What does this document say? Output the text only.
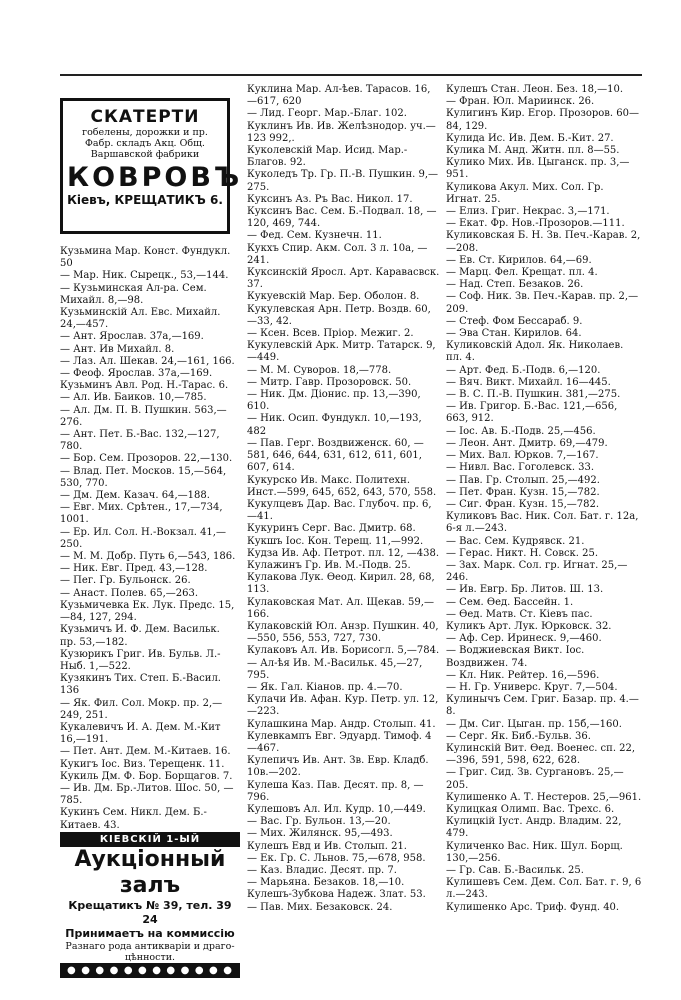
СКАТЕРТИ
гобелены, дорожки и пр.
Фабр. складъ Акц. Общ. Варшавской фабрики
КОВРОВЪ
Кіевъ, КРЕЩАТИКЪ 6.
Кузьмина Мар. Конст. Фундукл. 50
— Мар. Ник. Сырецк., 53,—144.
— Кузьминская Ал-ра. Сем. Михайл. 8,—98.
Кузьминскій Ал. Евс. Михайл. 24,—457.
— Ант. Ярослав. 37а,—169.
— Ант. Ив Михайл. 8.
— Лаз. Ал. Шекав. 24,—161, 166.
— Феоф. Ярослав. 37а,—169.
Кузьминъ Авл. Род. Н.-Тарас. 6.
— Ал. Ив. Баиков. 10,—785.
— Ал. Дм. П. В. Пушкин. 563,—276.
— Ант. Пет. Б.-Вас. 132,—127, 780.
— Бор. Сем. Прозоров. 22,—130.
— Влад. Пет. Москов. 15,—564, 530, 770.
— Дм. Дем. Казач. 64,—188.
— Евг. Мих. Срѣтен., 17,—734, 1001.
— Ер. Ил. Сол. Н.-Вокзал. 41,—250.
— М. М. Добр. Путь 6,—543, 186.
— Ник. Евг. Пред. 43,—128.
— Пег. Гр. Бульонск. 26.
— Анаст. Полев. 65,—263.
Кузьмичевка Ек. Лук. Предс. 15,—84, 127, 294.
Кузьмичъ И. Ф. Дем. Васильк. пр. 53,—182.
Кузюрикъ Григ. Ив. Бульв. Л.-Ныб. 1,—522.
Кузякинъ Тих. Степ. Б.-Васил. 136
— Як. Фил. Сол. Мокр. пр. 2,—249, 251.
Кукалевичъ И. А. Дем. М.-Кит 16,—191.
— Пет. Ант. Дем. М.-Китаев. 16.
Кукигъ Іос. Виз. Терещенк. 11.
Кукиль Дм. Ф. Бор. Борщагов. 7.
— Ив. Дм. Бр.-Литов. Шос. 50, —785.
Кукинъ Сем. Никл. Дем. Б.-Китаев. 43.
Куклина Мар. Ал-ѣев. Тарасов. 16,—617, 620
— Лид. Георг. Мар.-Благ. 102.
Куклинъ Ив. Ив. Желѣзнодор. уч.—123 992,.
Куколевскій Мар. Исид. Мар.-Благов. 92.
Куколедъ Тр. Гр. П.-В. Пушкин. 9,—275.
Куксинъ Аз. Ръ Вас. Никол. 17.
Куксинъ Вас. Сем. Б.-Подвал. 18, —120, 469, 744.
— Фед. Сем. Кузнечн. 11.
Кукхъ Спир. Акм. Сол. 3 л. 10а, —241.
Куксинскій Яросл. Арт. Каравасвск. 37.
Кукуевскій Мар. Бер. Оболон. 8.
Кукулевская Арн. Петр. Воздв. 60,—33, 42.
— Ксен. Всев. Пріор. Межиг. 2.
Кукулевскій Арк. Митр. Татарск. 9,—449.
— М. М. Суворов. 18,—778.
— Митр. Гавр. Прозоровск. 50.
— Ник. Дм. Діонис. пр. 13,—390, 610.
— Ник. Осип. Фундукл. 10,—193, 482
— Пав. Герг. Воздвиженск. 60, —581, 646, 644, 631, 612, 611, 601, 607, 614.
Кукурско Ив. Макс. Политехн. Инст.—599, 645, 652, 643, 570, 558.
Кукулцевъ Дар. Вас. Глубоч. пр. 6,—41.
Кукуринъ Серг. Вас. Дмитр. 68.
Кукшъ Іос. Кон. Терещ. 11,—992.
Кудза Ив. Аф. Петрот. пл. 12, —438.
Кулажинъ Гр. Ив. М.-Подв. 25.
Кулакова Лук. Ѳеод. Кирил. 28, 68, 113.
Кулаковская Мат. Ал. Щекав. 59,—166.
Кулаковскій Юл. Анзр. Пушкин. 40,—550, 556, 553, 727, 730.
Кулаковъ Ал. Ив. Борисогл. 5,—784.
— Ал-ѣя Ив. М.-Васильк. 45,—27, 795.
— Як. Гал. Кіанов. пр. 4.—70.
Кулачи Ив. Афан. Кур. Петр. ул. 12,—223.
Кулашкина Мар. Андр. Столып. 41.
Кулевкампъ Евг. Эдуард. Тимоф. 4—467.
Кулепичъ Ив. Ант. Зв. Евр. Кладб. 10в.—202.
Кулеша Каз. Пав. Десят. пр. 8, —796.
Кулешовъ Ал. Ил. Кудр. 10,—449.
— Вас. Гр. Бульон. 13,—20.
— Мих. Жилянск. 95,—493.
Кулешъ Евд и Ив. Столып. 21.
— Ек. Гр. С. Льнов. 75,—678, 958.
— Каз. Владис. Десят. пр. 7.
— Марьяна. Безаков. 18,—10.
Кулешъ-Зубкова Надеж. Злат. 53.
— Пав. Мих. Безаковск. 24.
Кулешъ Стан. Леон. Без. 18,—10.
— Фран. Юл. Мариинск. 26.
Кулигинъ Кир. Егор. Прозоров. 60—84, 129.
Кулида Ис. Ив. Дем. Б.-Кит. 27.
Кулика М. Анд. Житн. пл. 8—55.
Кулико Мих. Ив. Цыганск. пр. 3,—951.
Куликова Акул. Мих. Сол. Гр. Игнат. 25.
— Елиз. Григ. Некрас. 3,—171.
— Екат. Фр. Нов.-Прозоров.—111.
Куликовская Б. Н. Зв. Печ.-Карав. 2,—208.
— Ев. Ст. Кирилов. 64,—69.
— Марц. Фел. Крещат. пл. 4.
— Над. Степ. Безаков. 26.
— Соф. Ник. Зв. Печ.-Карав. пр. 2,—209.
— Стеф. Фом Бессараб. 9.
— Эва Стан. Кирилов. 64.
Куликовскій Адол. Як. Николаев. пл. 4.
— Арт. Фед. Б.-Подв. 6,—120.
— Вяч. Викт. Михайл. 16—445.
— В. С. П.-В. Пушкин. 381,—275.
— Ив. Григор. Б.-Вас. 121,—656, 663, 912.
— Іос. Ав. Б.-Подв. 25,—456.
— Леон. Ант. Дмитр. 69,—479.
— Мих. Вал. Юрков. 7,—167.
— Нивл. Вас. Гоголевск. 33.
— Пав. Гр. Столып. 25,—492.
— Пет. Фран. Кузн. 15,—782.
— Сиг. Фран. Кузн. 15,—782.
Куликовъ Вас. Ник. Сол. Бат. г. 12а, 6-я л.—243.
— Вас. Сем. Кудрявск. 21.
— Герас. Никт. Н. Совск. 25.
— Зах. Марк. Сол. гр. Игнат. 25,—246.
— Ив. Евгр. Бр. Литов. Ш. 13.
— Сем. Ѳед. Бассейн. 1.
— Ѳед. Матв. Ст. Кіевъ пас.
Куликъ Арт. Лук. Юрковск. 32.
— Аф. Сер. Иринеск. 9,—460.
— Воджиевская Викт. Іос. Воздвижен. 74.
— Кл. Ник. Рейтер. 16,—596.
— Н. Гр. Универс. Круг. 7,—504.
Кулинычъ Сем. Григ. Базар. пр. 4.—8.
— Дм. Сиг. Цыган. пр. 15б,—160.
— Серг. Як. Биб.-Бульв. 36.
Кулинскій Вит. Ѳед. Военес. сп. 22,—396, 591, 598, 622, 628.
— Григ. Сид. Зв. Сургановъ. 25,—205.
Кулишенко А. Т. Нестеров. 25,—961.
Кулицкая Олимп. Вас. Трехс. 6.
Кулицкій Іуст. Андр. Владим. 22, 479.
Куличенко Вас. Ник. Шул. Борщ. 130,—256.
— Гр. Сав. Б.-Васильк. 25.
Кулишевъ Сем. Дем. Сол. Бат. г. 9, 6 л.—243.
Кулишенко Арс. Триф. Фунд. 40.
КІЕВСКІЙ 1-ЫЙ
Аукціонный залъ
Крещатикъ № 39, тел. 39 24
Принимаетъ на коммиссію
Разнаго рода антикваріи и драго-цѣнности.
● ● ● ● ● ● ● ● ● ● ● ● ● ●
